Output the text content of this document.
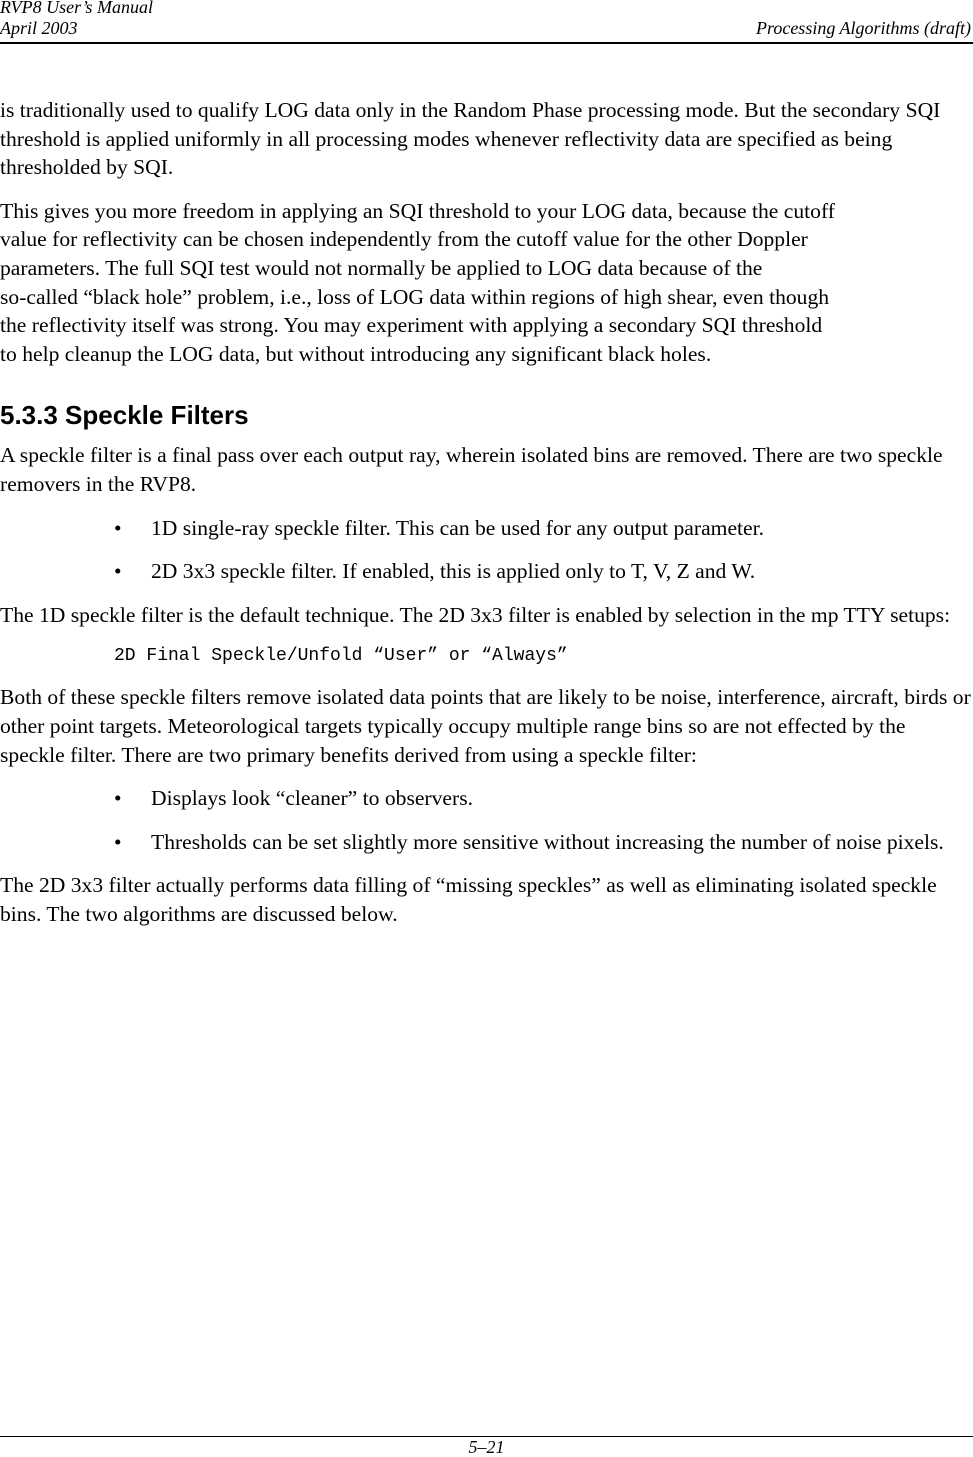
RVP8 User’s Manual
April 2003	Processing Algorithms (draft)

is traditionally used to qualify LOG data only in the Random Phase processing mode. But the secondary SQI threshold is applied uniformly in all processing modes whenever reflectivity data are specified as being thresholded by SQI.

This gives you more freedom in applying an SQI threshold to your LOG data, because the cutoff
value for reflectivity can be chosen independently from the cutoff value for the other Doppler
parameters. The full SQI test would not normally be applied to LOG data because of the
so-called “black hole” problem, i.e., loss of LOG data within regions of high shear, even though
the reflectivity itself was strong. You may experiment with applying a secondary SQI threshold
to help cleanup the LOG data, but without introducing any significant black holes.

5.3.3 Speckle Filters

A speckle filter is a final pass over each output ray, wherein isolated bins are removed. There are two speckle removers in the RVP8.

• 1D single-ray speckle filter. This can be used for any output parameter.
• 2D 3x3 speckle filter. If enabled, this is applied only to T, V, Z and W.

The 1D speckle filter is the default technique. The 2D 3x3 filter is enabled by selection in the mp TTY setups:

2D Final Speckle/Unfold “User” or “Always”

Both of these speckle filters remove isolated data points that are likely to be noise, interference, aircraft, birds or other point targets. Meteorological targets typically occupy multiple range bins so are not effected by the speckle filter. There are two primary benefits derived from using a speckle filter:

• Displays look “cleaner” to observers.
• Thresholds can be set slightly more sensitive without increasing the number of noise pixels.

The 2D 3x3 filter actually performs data filling of “missing speckles” as well as eliminating isolated speckle bins. The two algorithms are discussed below.

5–21
